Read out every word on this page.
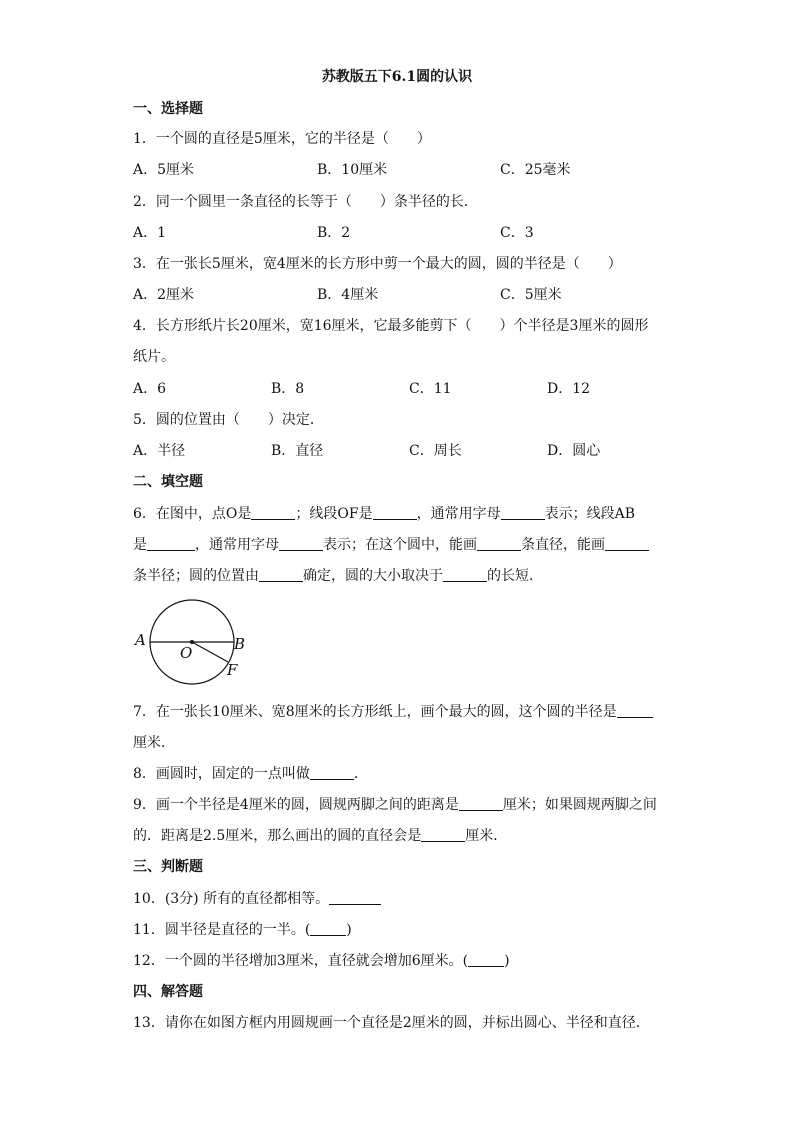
苏教版五下6.1圆的认识
一、选择题
1．一个圆的直径是5厘米，它的半径是（　　）
A．5厘米	B．10厘米	C．25毫米
2．同一个圆里一条直径的长等于（　　）条半径的长．
A．1	B．2	C．3
3．在一张长5厘米，宽4厘米的长方形中剪一个最大的圆，圆的半径是（　　）
A．2厘米	B．4厘米	C．5厘米
4．长方形纸片长20厘米，宽16厘米，它最多能剪下（　　）个半径是3厘米的圆形
纸片。
A．6	B．8	C．11	D．12
5．圆的位置由（　　）决定．
A．半径	B．直径	C．周长	D．圆心
二、填空题
6．在图中，点O是	；线段OF是	，通常用字母	表示；线段AB
是	，通常用字母	表示；在这个圆中，能画	条直径，能画
条半径；圆的位置由	确定，圆的大小取决于	的长短．
A	B
O
F
7．在一张长10厘米、宽8厘米的长方形纸上，画个最大的圆，这个圆的半径是
厘米．
8．画圆时，固定的一点叫做	．
9．画一个半径是4厘米的圆，圆规两脚之间的距离是	厘米；如果圆规两脚之间
的．距离是2.5厘米，那么画出的圆的直径会是	厘米．
三、判断题
10．(3分) 所有的直径都相等。
11．圆半径是直径的一半。(	)
12．一个圆的半径增加3厘米，直径就会增加6厘米。(	)
四、解答题
13．请你在如图方框内用圆规画一个直径是2厘米的圆，并标出圆心、半径和直径．
